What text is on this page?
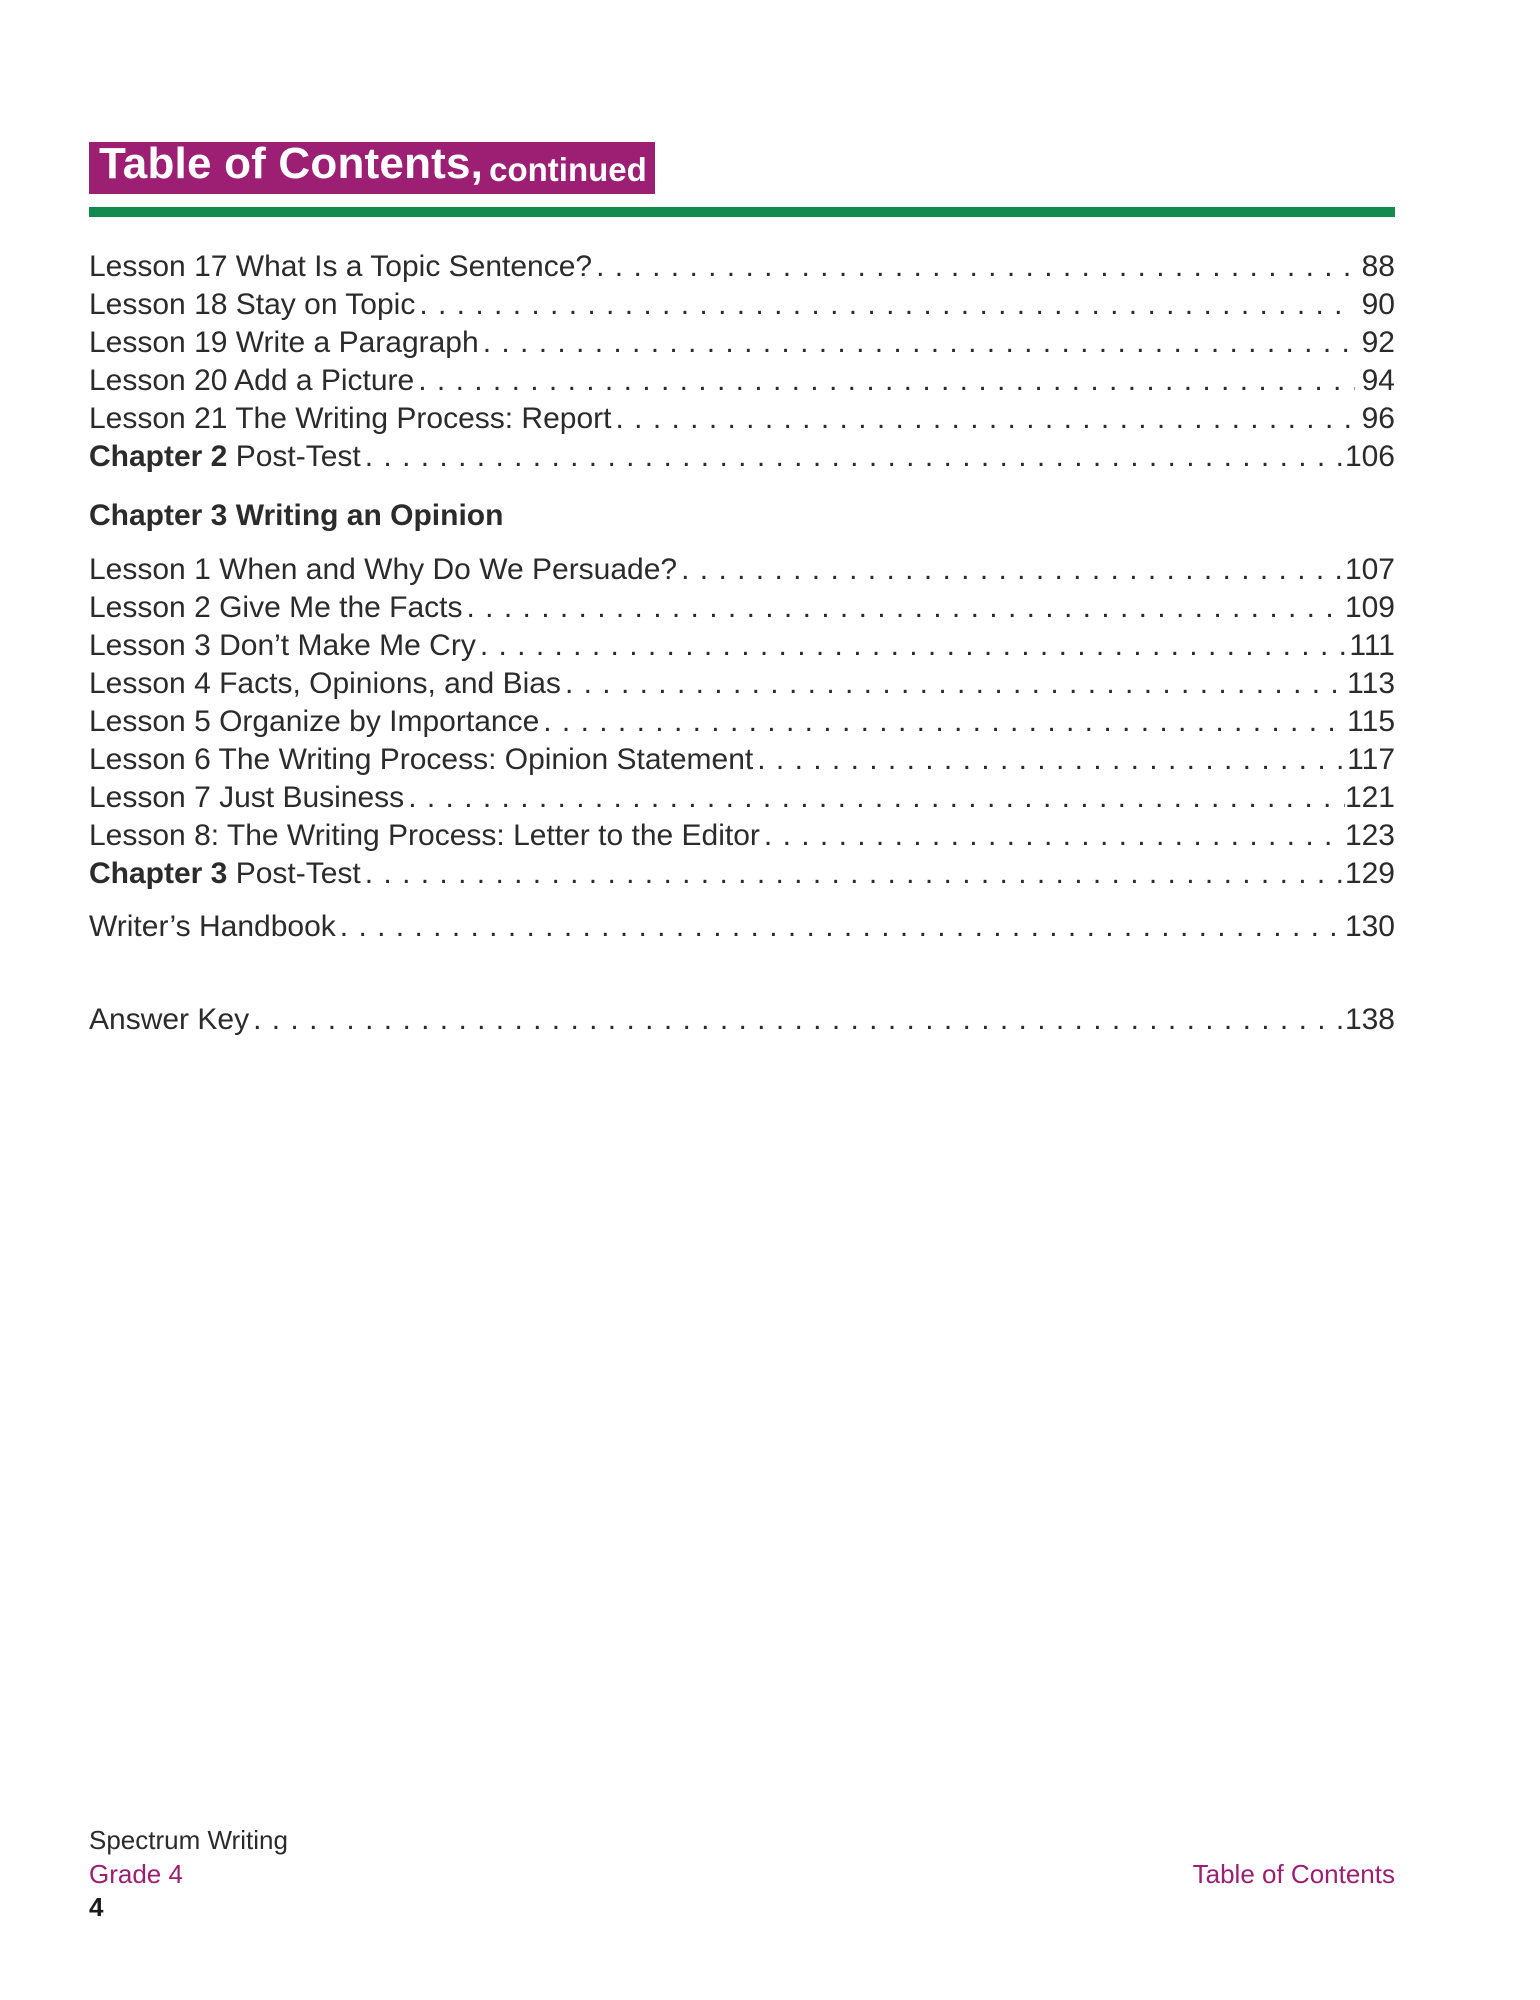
Table of Contents, continued
Lesson 17 What Is a Topic Sentence? . . .	88
Lesson 18 Stay on Topic . . .	90
Lesson 19 Write a Paragraph . . .	92
Lesson 20 Add a Picture . . .	94
Lesson 21 The Writing Process: Report . . .	96
Chapter 2 Post-Test . . .	106
Chapter 3 Writing an Opinion
Lesson 1 When and Why Do We Persuade? . . .	107
Lesson 2 Give Me the Facts . . .	109
Lesson 3 Don’t Make Me Cry . . .	111
Lesson 4 Facts, Opinions, and Bias . . .	113
Lesson 5 Organize by Importance . . .	115
Lesson 6 The Writing Process: Opinion Statement . . .	117
Lesson 7 Just Business . . .	121
Lesson 8: The Writing Process: Letter to the Editor . . .	123
Chapter 3 Post-Test . . .	129
Writer’s Handbook . . .	130
Answer Key . . .	138
Spectrum Writing
Grade 4
4
Table of Contents
